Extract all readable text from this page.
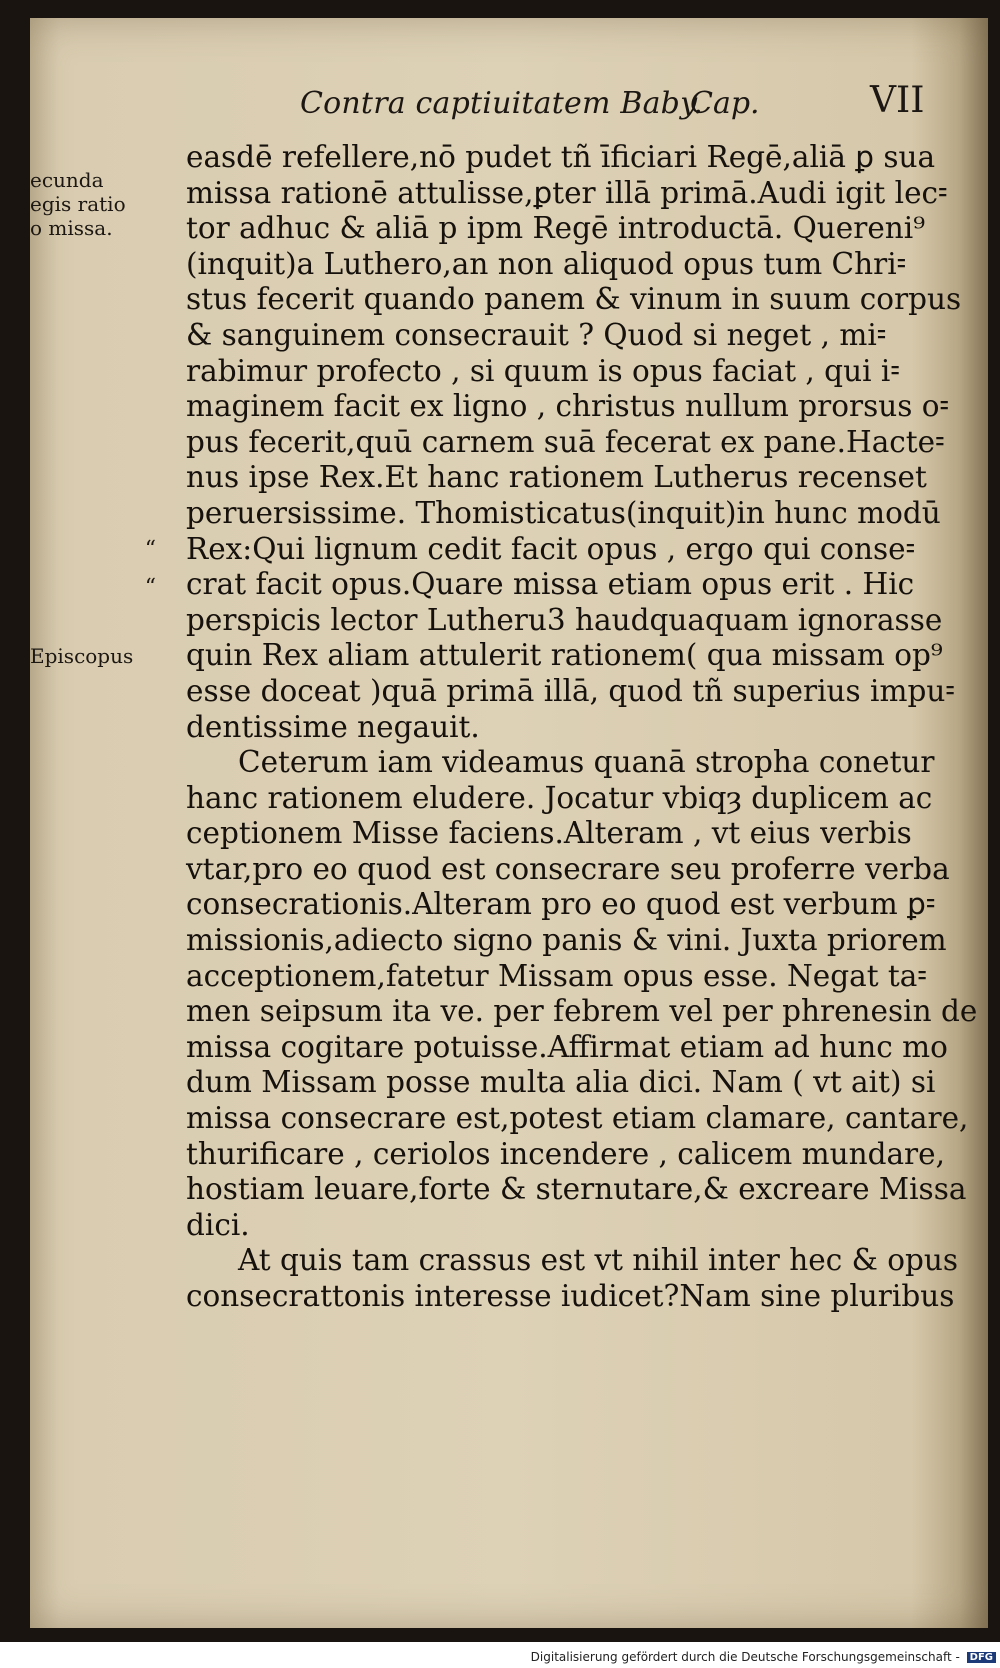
Contra captiuitatem Baby.
Cap.	VII
ecunda
egis ratio
o missa.
“
“
Episcopus
easdē refellere,nō pudet tñ īficiari Regē,aliā ꝑ sua
missa rationē attulisse,ꝑter illā primā.Audi igit lec⹀
tor adhuc & aliā p ipm Regē introductā. Quereni⁹
(inquit)a Luthero,an non aliquod opus tum Chri⹀
stus fecerit quando panem & vinum in suum corpus
& sanguinem consecrauit ? Quod si neget , mi⹀
rabimur profecto , si quum is opus faciat , qui i⹀
maginem facit ex ligno , christus nullum prorsus o⹀
pus fecerit,quū carnem suā fecerat ex pane.Hacte⹀
nus ipse Rex.Et hanc rationem Lutherus recenset
peruersissime. Thomisticatus(inquit)in hunc modū
Rex:Qui lignum cedit facit opus , ergo qui conse⹀
crat facit opus.Quare missa etiam opus erit . Hic
perspicis lector Lutheru3 haudquaquam ignorasse
quin Rex aliam attulerit rationem( qua missam op⁹
esse doceat )quā primā illā, quod tñ superius impu⹀
dentissime negauit.
Ceterum iam videamus quanā stropha conetur
hanc rationem eludere. Jocatur vbiqȝ duplicem ac
ceptionem Misse faciens.Alteram , vt eius verbis
vtar,pro eo quod est consecrare seu proferre verba
consecrationis.Alteram pro eo quod est verbum ꝑ⹀
missionis,adiecto signo panis & vini. Juxta priorem
acceptionem,fatetur Missam opus esse. Negat ta⹀
men seipsum ita ve. per febrem vel per phrenesin de
missa cogitare potuisse.Affirmat etiam ad hunc mo
dum Missam posse multa alia dici. Nam ( vt ait) si
missa consecrare est,potest etiam clamare, cantare,
thurificare , ceriolos incendere , calicem mundare,
hostiam leuare,forte & sternutare,& excreare Missa
dici.
At quis tam crassus est vt nihil inter hec & opus
consecrattonis interesse iudicet?Nam sine pluribus
Digitalisierung gefördert durch die Deutsche Forschungsgemeinschaft - DFG
